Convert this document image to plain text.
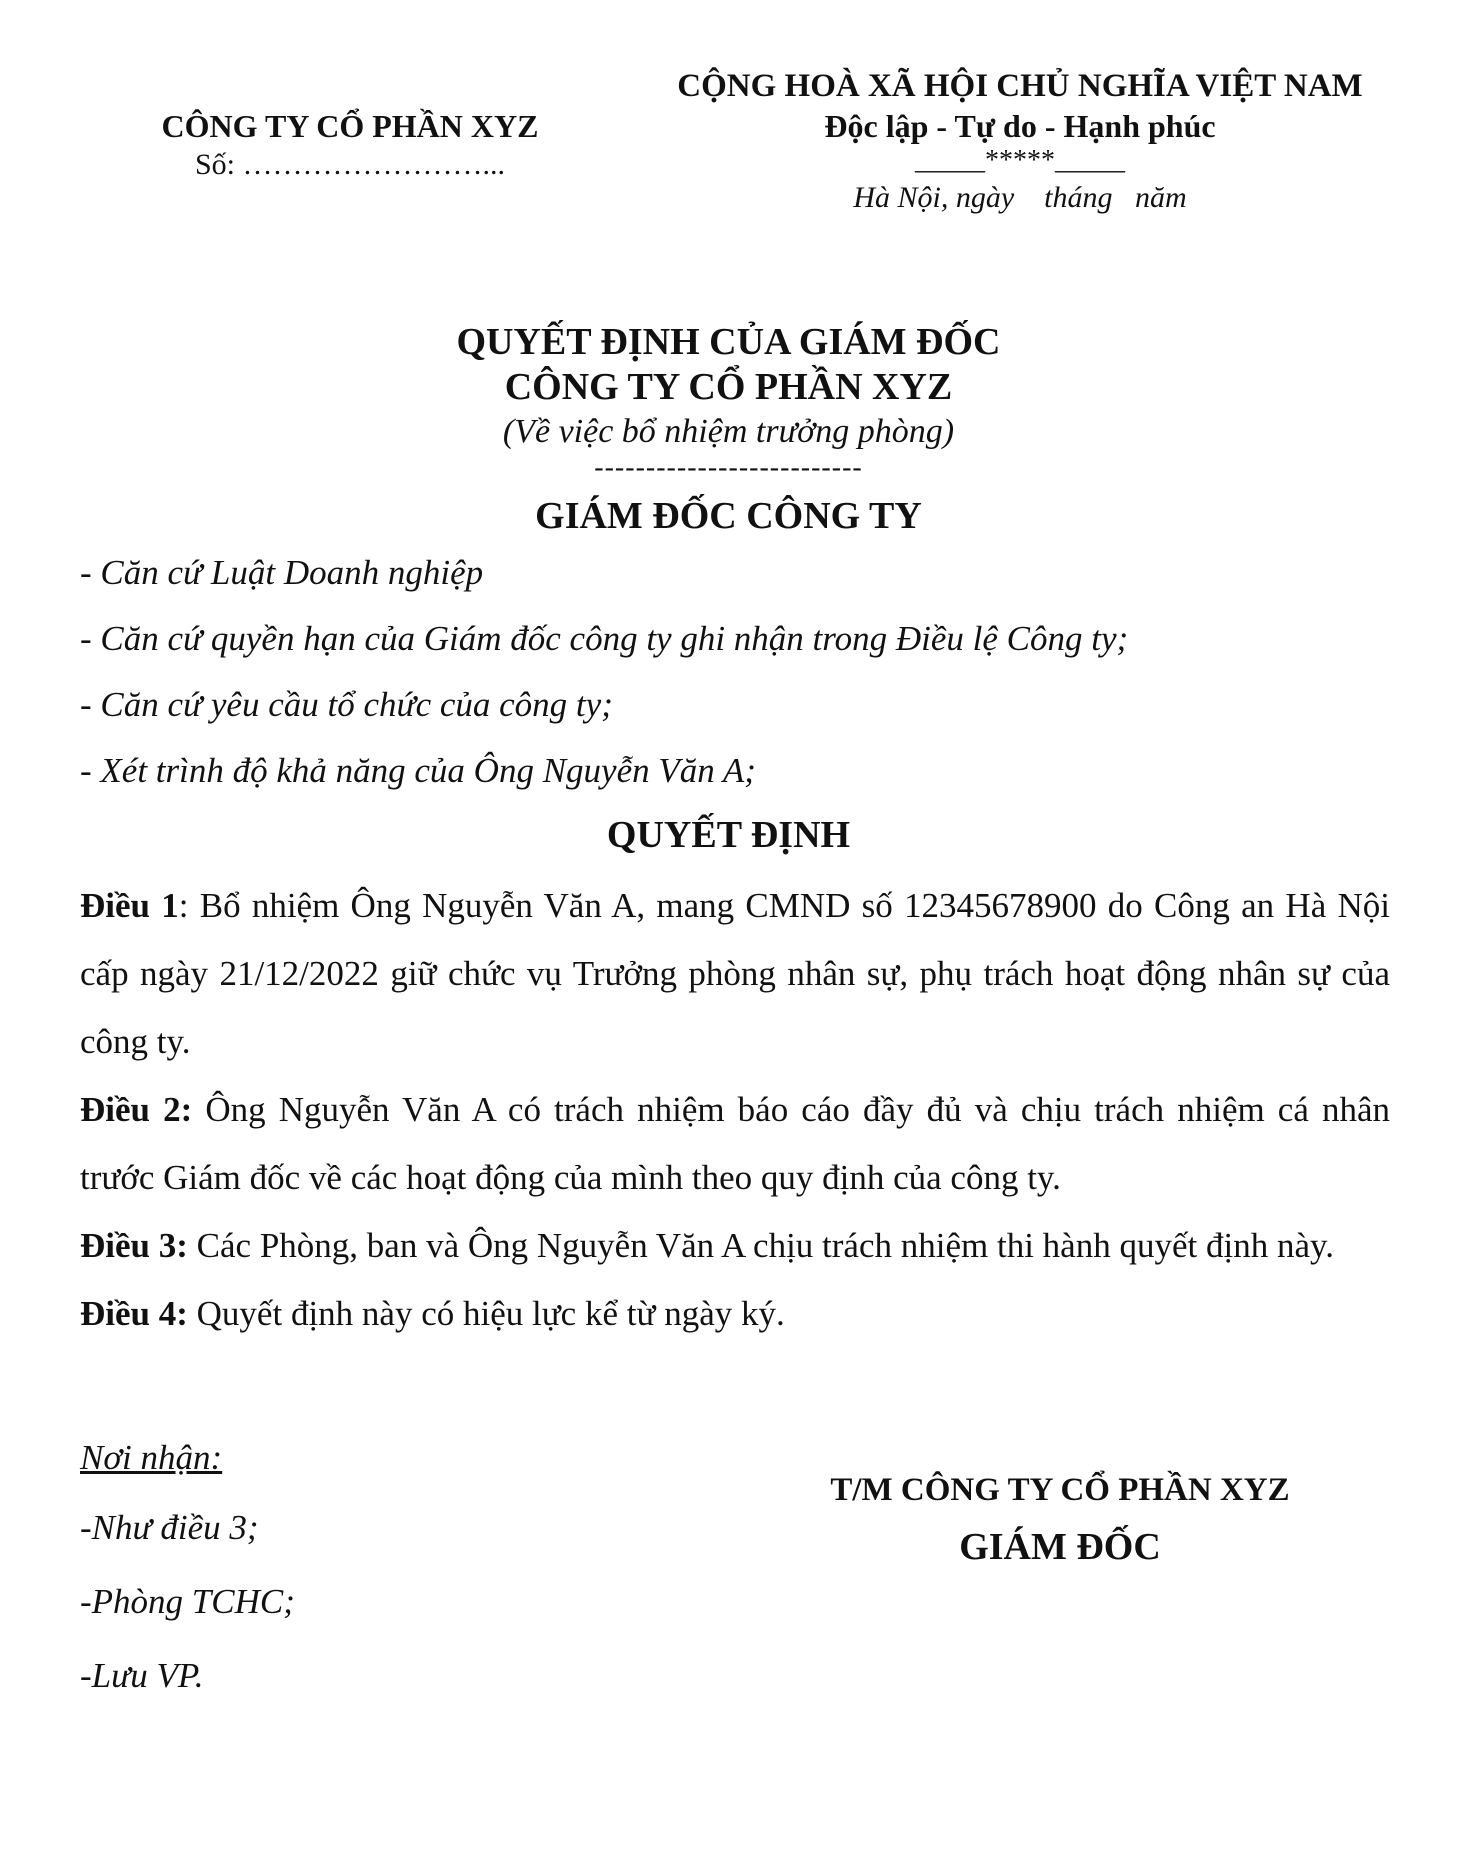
CÔNG TY CỔ PHẦN XYZ
Số: ……………………...
CỘNG HOÀ XÃ HỘI CHỦ NGHĨA VIỆT NAM
Độc lập - Tự do - Hạnh phúc
_____*****_____
Hà Nội, ngày    tháng   năm
QUYẾT ĐỊNH CỦA GIÁM ĐỐC
CÔNG TY CỔ PHẦN XYZ
(Về việc bổ nhiệm trưởng phòng)
--------------------------
GIÁM ĐỐC CÔNG TY
- Căn cứ Luật Doanh nghiệp
- Căn cứ quyền hạn của Giám đốc công ty ghi nhận trong Điều lệ Công ty;
- Căn cứ yêu cầu tổ chức của công ty;
- Xét trình độ khả năng của Ông Nguyễn Văn A;
QUYẾT ĐỊNH

Điều 1: Bổ nhiệm Ông Nguyễn Văn A, mang CMND số 12345678900 do Công an Hà Nội cấp ngày 21/12/2022 giữ chức vụ Trưởng phòng nhân sự, phụ trách hoạt động nhân sự của công ty.

Điều 2: Ông Nguyễn Văn A có trách nhiệm báo cáo đầy đủ và chịu trách nhiệm cá nhân trước Giám đốc về các hoạt động của mình theo quy định của công ty.

Điều 3: Các Phòng, ban và Ông Nguyễn Văn A chịu trách nhiệm thi hành quyết định này.

Điều 4: Quyết định này có hiệu lực kể từ ngày ký.

Nơi nhận:
-Như điều 3;
-Phòng TCHC;
-Lưu VP.
T/M CÔNG TY CỔ PHẦN XYZ
GIÁM ĐỐC
